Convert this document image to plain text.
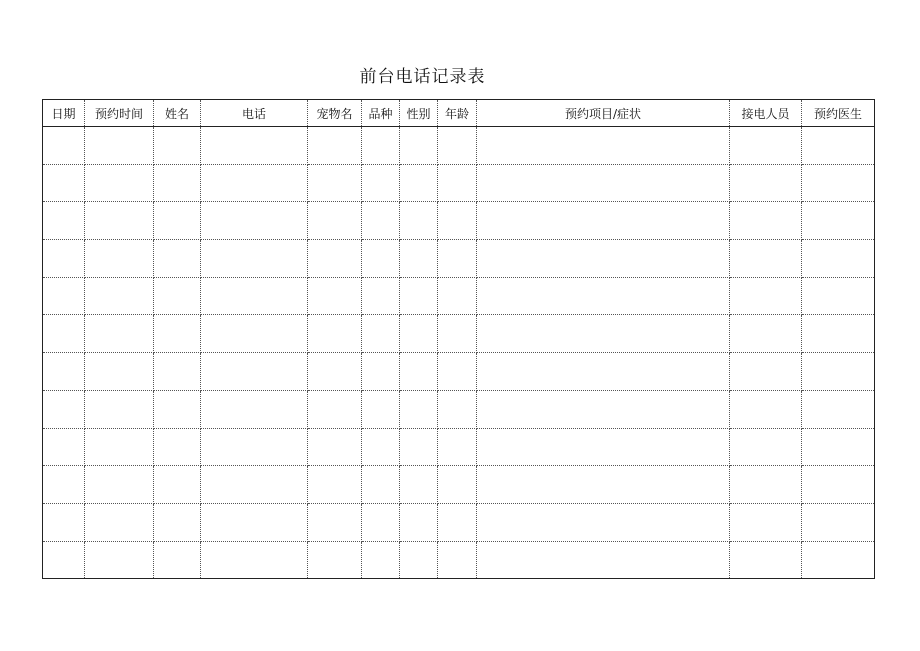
前台电话记录表
日期	预约时间	姓名	电话	宠物名	品种	性别	年龄	预约项目/症状	接电人员	预约医生
